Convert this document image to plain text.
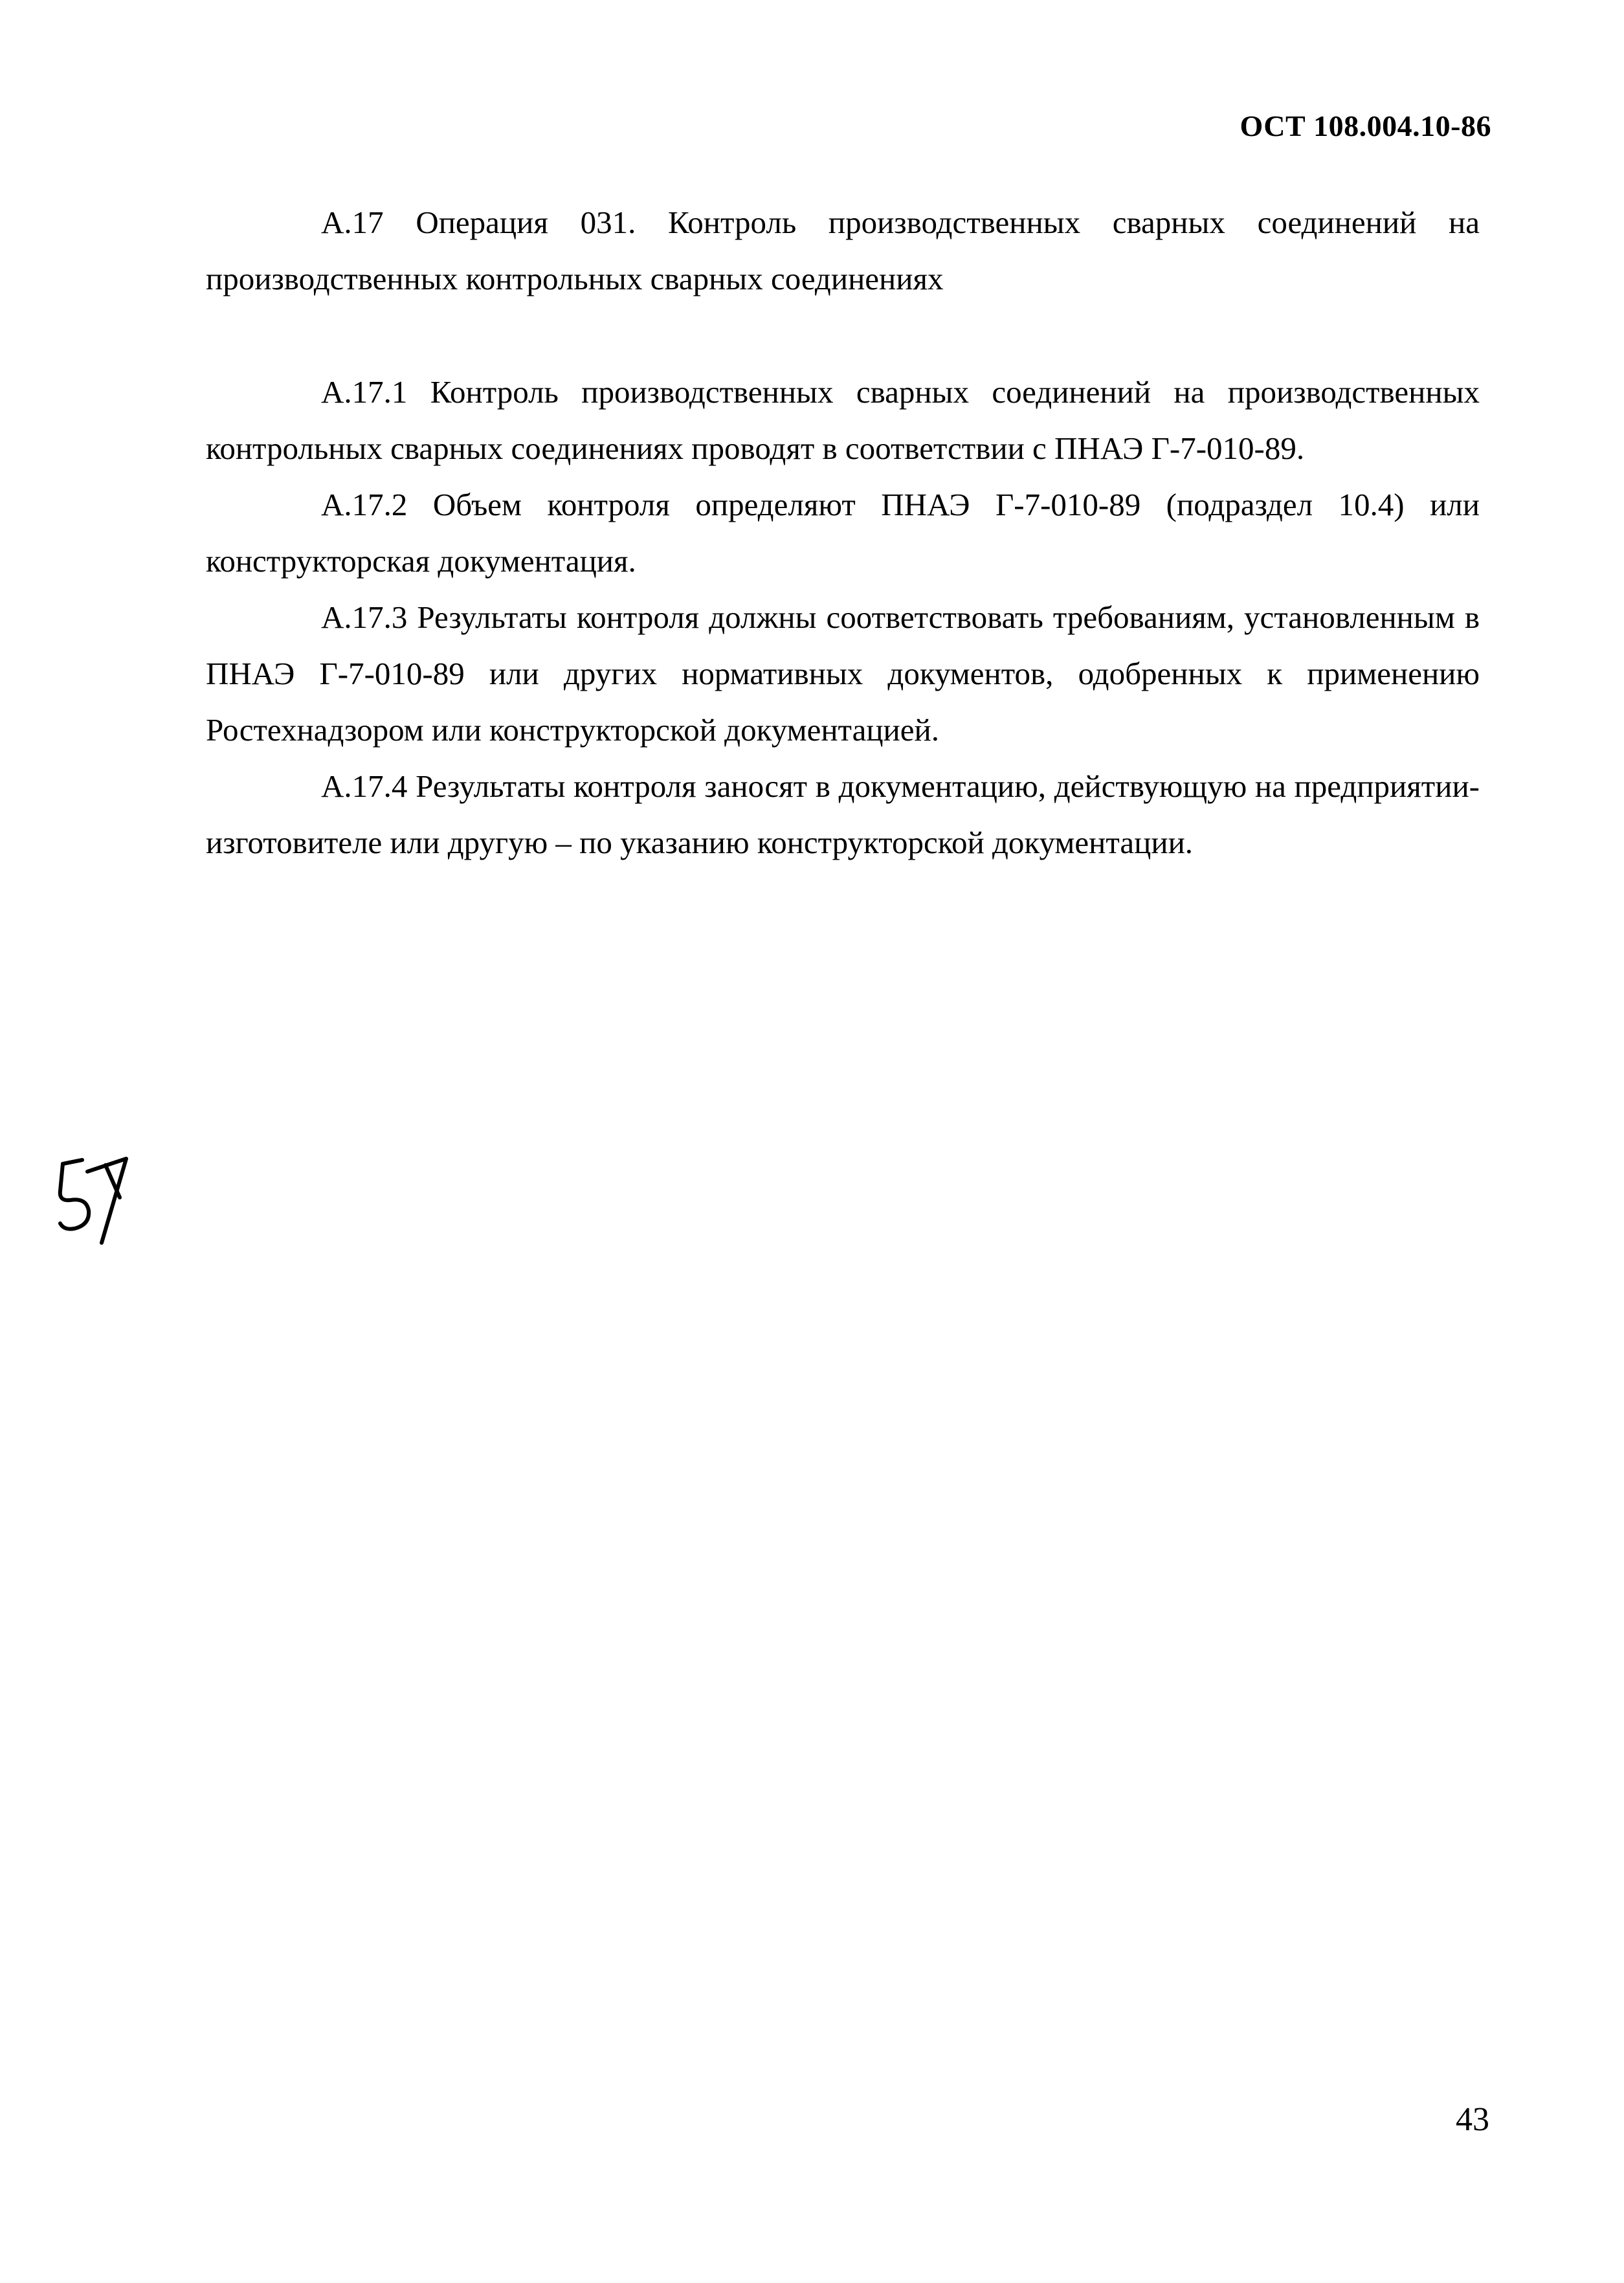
ОСТ 108.004.10-86

А.17 Операция 031. Контроль производственных сварных соединений на производственных контрольных сварных соединениях

А.17.1 Контроль производственных сварных соединений на производственных контрольных сварных соединениях проводят в соответствии с ПНАЭ Г-7-010-89.

А.17.2 Объем контроля определяют ПНАЭ Г-7-010-89 (подраздел 10.4) или конструкторская документация.

А.17.3 Результаты контроля должны соответствовать требованиям, установленным в ПНАЭ Г-7-010-89 или других нормативных документов, одобренных к применению Ростехнадзором или конструкторской документацией.

А.17.4 Результаты контроля заносят в документацию, действующую на предприятии-изготовителе или другую – по указанию конструкторской документации.

43
